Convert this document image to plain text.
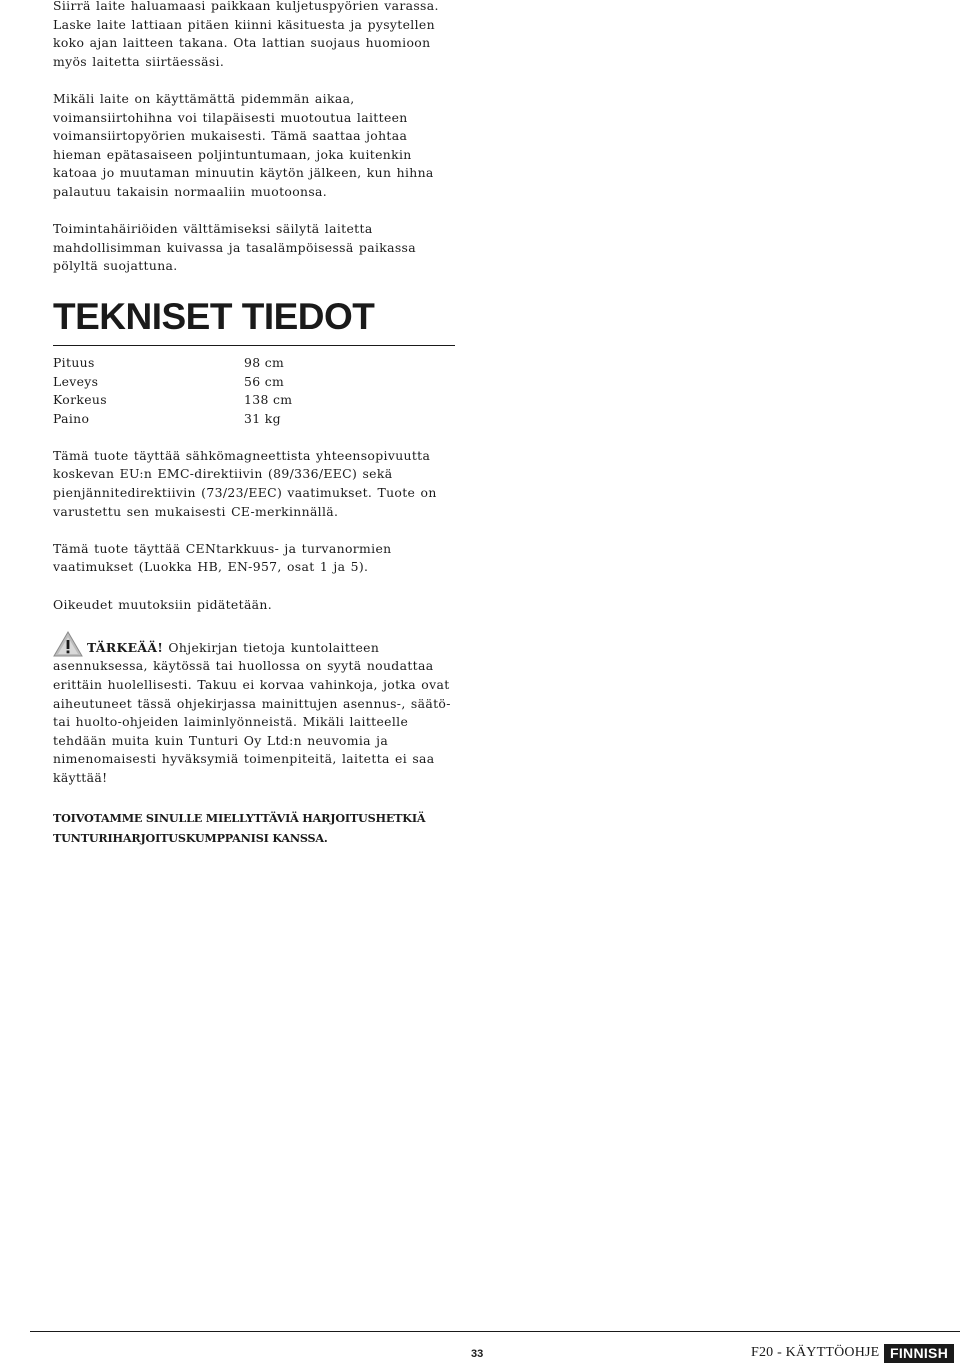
Siirrä laite haluamaasi paikkaan kuljetuspyörien varassa.
Laske laite lattiaan pitäen kiinni käsituesta ja pysytellen
koko ajan laitteen takana. Ota lattian suojaus huomioon
myös laitetta siirtäessäsi.

Mikäli laite on käyttämättä pidemmän aikaa,
voimansiirtohihna voi tilapäisesti muotoutua laitteen
voimansiirtopyörien mukaisesti. Tämä saattaa johtaa
hieman epätasaiseen poljintuntumaan, joka kuitenkin
katoaa jo muutaman minuutin käytön jälkeen, kun hihna
palautuu takaisin normaaliin muotoonsa.

Toimintahäiriöiden välttämiseksi säilytä laitetta
mahdollisimman kuivassa ja tasalämpöisessä paikassa
pölyltä suojattuna.

TEKNISET TIEDOT
Pituus	98 cm
Leveys	56 cm
Korkeus	138 cm
Paino	31 kg

Tämä tuote täyttää sähkömagneettista yhteensopivuutta
koskevan EU:n EMC-direktiivin (89/336/EEC) sekä
pienjännitedirektiivin (73/23/EEC) vaatimukset. Tuote on
varustettu sen mukaisesti CE-merkinnällä.

Tämä tuote täyttää CENtarkkuus- ja turvanormien
vaatimukset (Luokka HB, EN-957, osat 1 ja 5).

Oikeudet muutoksiin pidätetään.

TÄRKEÄÄ! Ohjekirjan tietoja kuntolaitteen
asennuksessa, käytössä tai huollossa on syytä noudattaa
erittäin huolellisesti. Takuu ei korvaa vahinkoja, jotka ovat
aiheutuneet tässä ohjekirjassa mainittujen asennus-, säätö-
tai huolto-ohjeiden laiminlyönneistä. Mikäli laitteelle
tehdään muita kuin Tunturi Oy Ltd:n neuvomia ja
nimenomaisesti hyväksymiä toimenpiteitä, laitetta ei saa
käyttää!
TOIVOTAMME SINULLE MIELLYTTÄVIÄ HARJOITUSHETKIÄ
TUNTURIHARJOITUSKUMPPANISI KANSSA.
33	F20 - KÄYTTÖOHJE FINNISH
